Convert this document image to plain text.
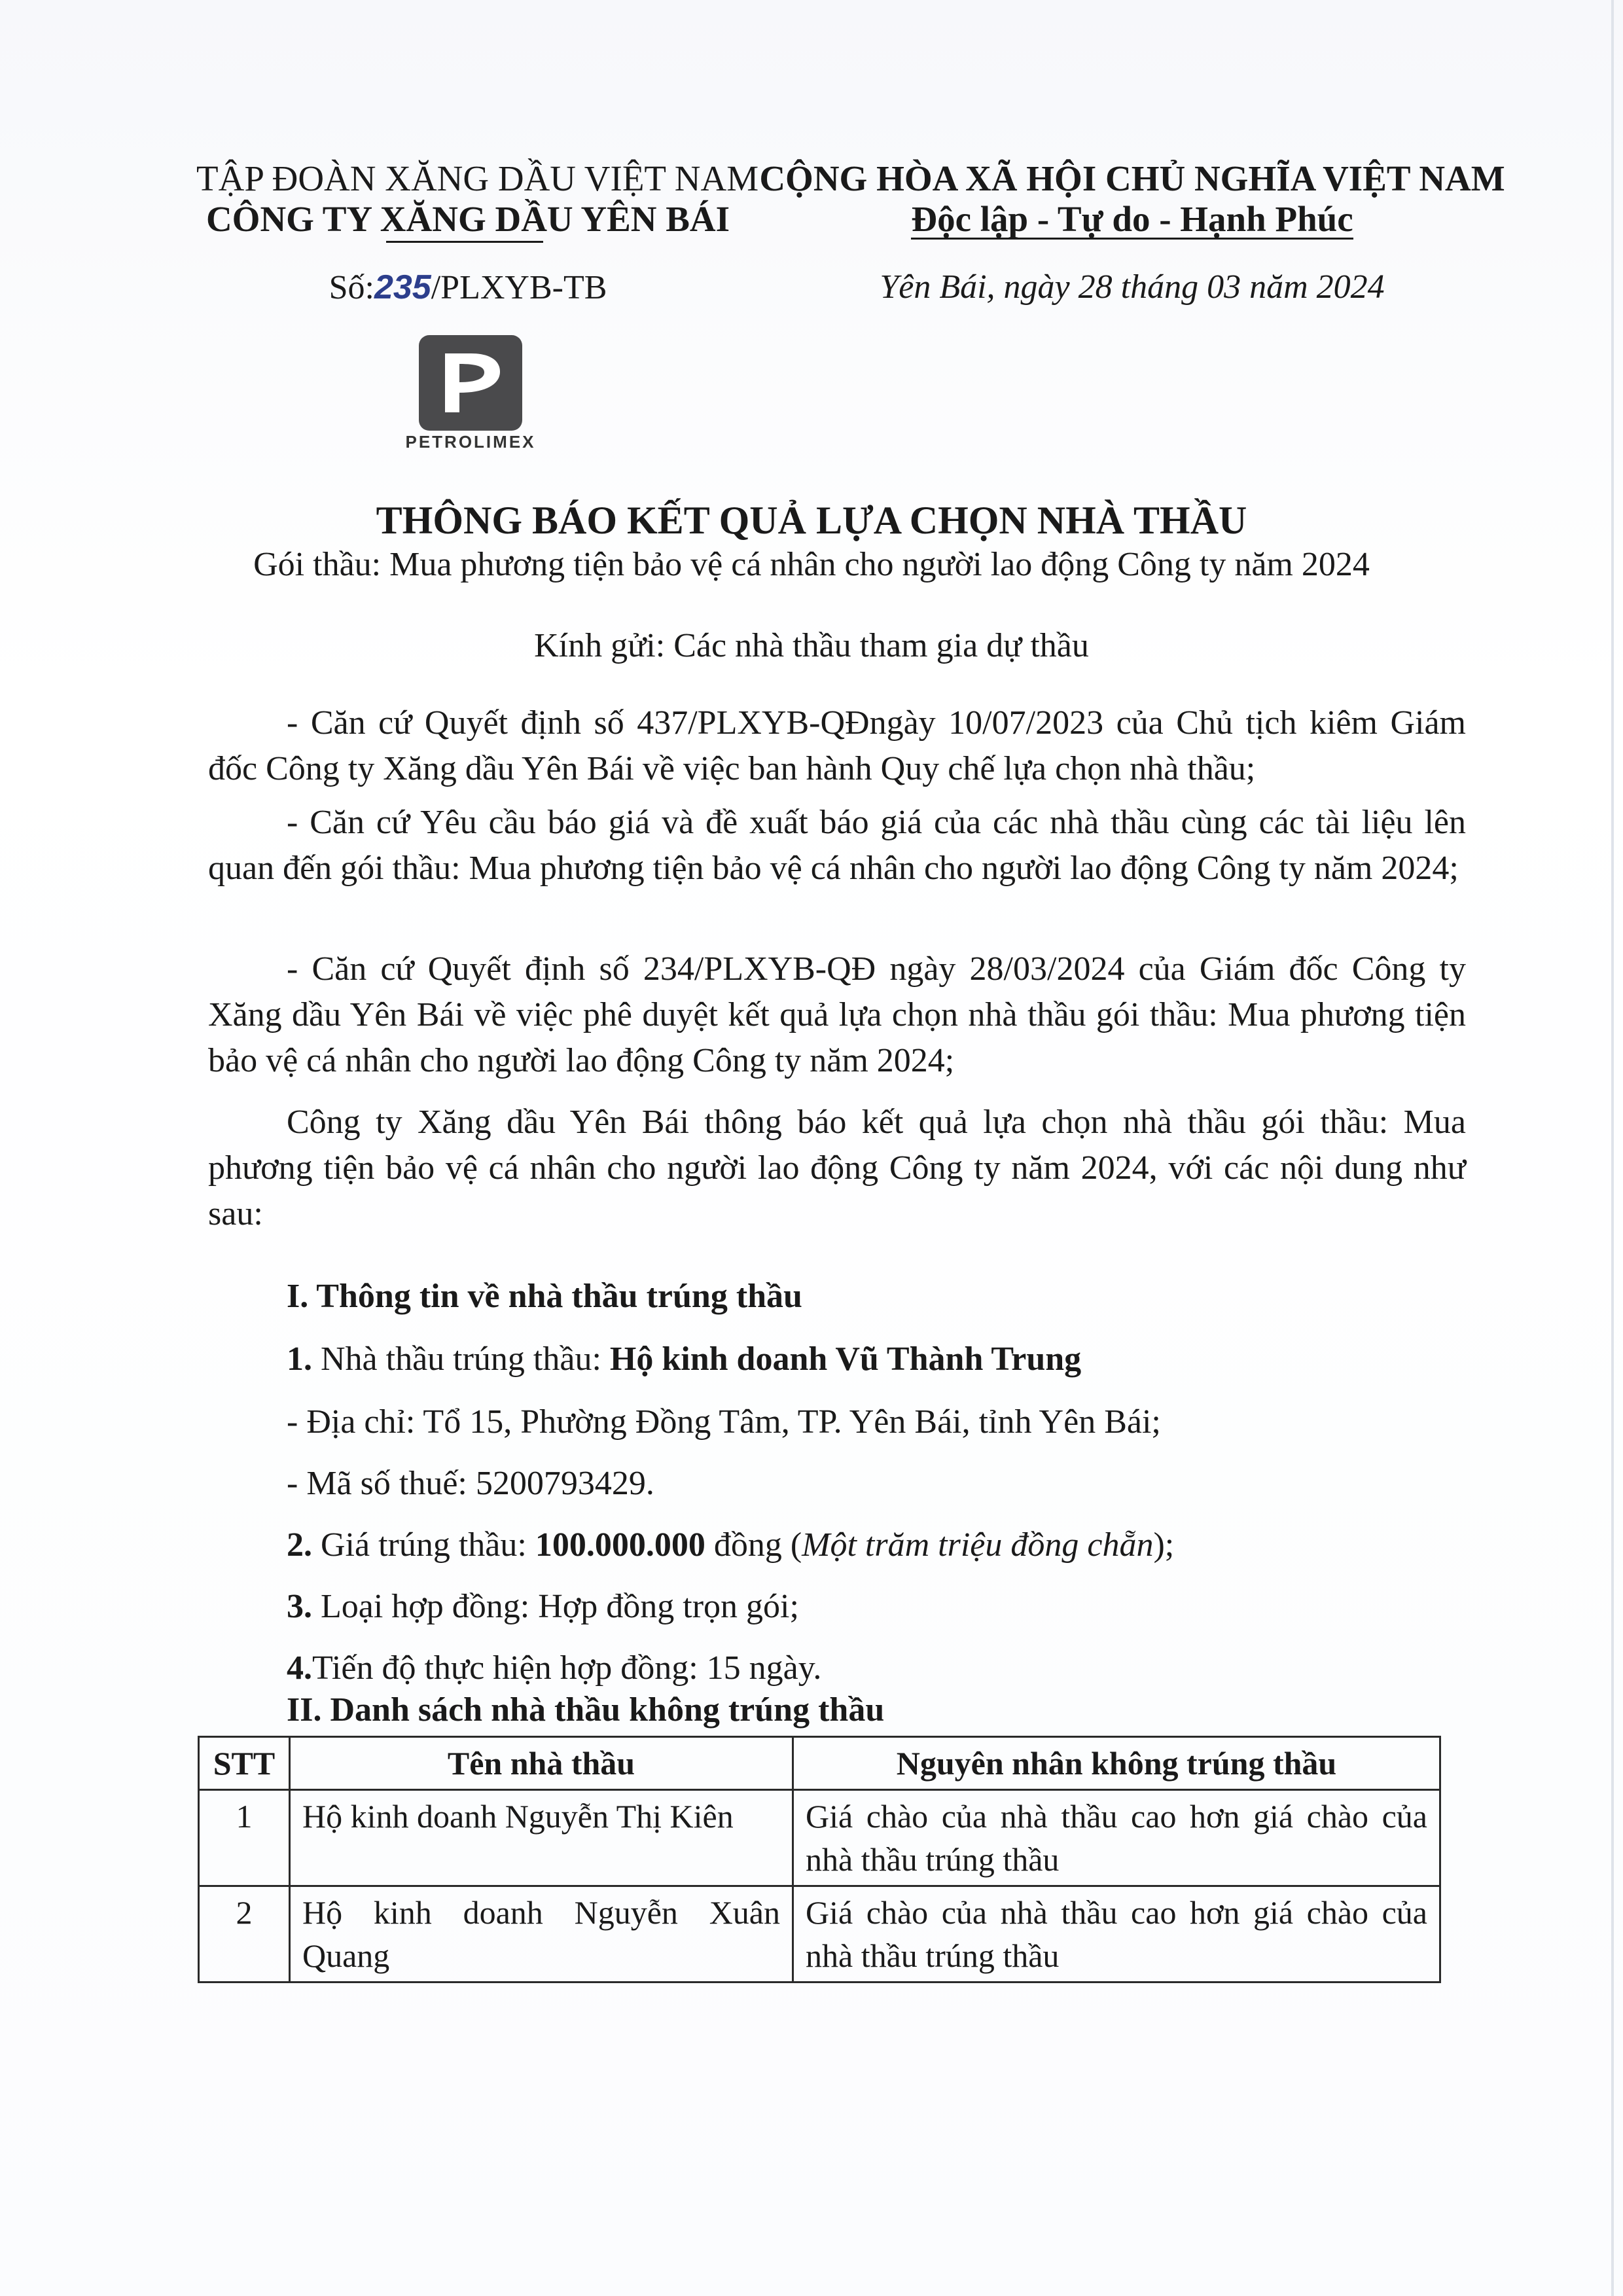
TẬP ĐOÀN XĂNG DẦU VIỆT NAM
CÔNG TY XĂNG DẦU YÊN BÁI
Số:235/PLXYB-TB
PETROLIMEX
CỘNG HÒA XÃ HỘI CHỦ NGHĨA VIỆT NAM
Độc lập - Tự do - Hạnh Phúc
Yên Bái, ngày 28 tháng 03 năm 2024
THÔNG BÁO KẾT QUẢ LỰA CHỌN NHÀ THẦU
Gói thầu: Mua phương tiện bảo vệ cá nhân cho người lao động Công ty năm 2024
Kính gửi: Các nhà thầu tham gia dự thầu
- Căn cứ Quyết định số 437/PLXYB-QĐngày 10/07/2023 của Chủ tịch kiêm Giám đốc Công ty Xăng dầu Yên Bái về việc ban hành Quy chế lựa chọn nhà thầu;
- Căn cứ Yêu cầu báo giá và đề xuất báo giá của các nhà thầu cùng các tài liệu lên quan đến gói thầu: Mua phương tiện bảo vệ cá nhân cho người lao động Công ty năm 2024;
- Căn cứ Quyết định số 234/PLXYB-QĐ ngày 28/03/2024 của Giám đốc Công ty Xăng dầu Yên Bái về việc phê duyệt kết quả lựa chọn nhà thầu gói thầu: Mua phương tiện bảo vệ cá nhân cho người lao động Công ty năm 2024;
Công ty Xăng dầu Yên Bái thông báo kết quả lựa chọn nhà thầu gói thầu: Mua phương tiện bảo vệ cá nhân cho người lao động Công ty năm 2024, với các nội dung như sau:
I. Thông tin về nhà thầu trúng thầu
1. Nhà thầu trúng thầu: Hộ kinh doanh Vũ Thành Trung
- Địa chỉ: Tổ 15, Phường Đồng Tâm, TP. Yên Bái, tỉnh Yên Bái;
- Mã số thuế: 5200793429.
2. Giá trúng thầu: 100.000.000 đồng (Một trăm triệu đồng chẵn);
3. Loại hợp đồng: Hợp đồng trọn gói;
4.Tiến độ thực hiện hợp đồng: 15 ngày.
II. Danh sách nhà thầu không trúng thầu
STT	Tên nhà thầu	Nguyên nhân không trúng thầu
1	Hộ kinh doanh Nguyễn Thị Kiên	Giá chào của nhà thầu cao hơn giá chào của nhà thầu trúng thầu
2	Hộ kinh doanh Nguyễn Xuân Quang	Giá chào của nhà thầu cao hơn giá chào của nhà thầu trúng thầu
